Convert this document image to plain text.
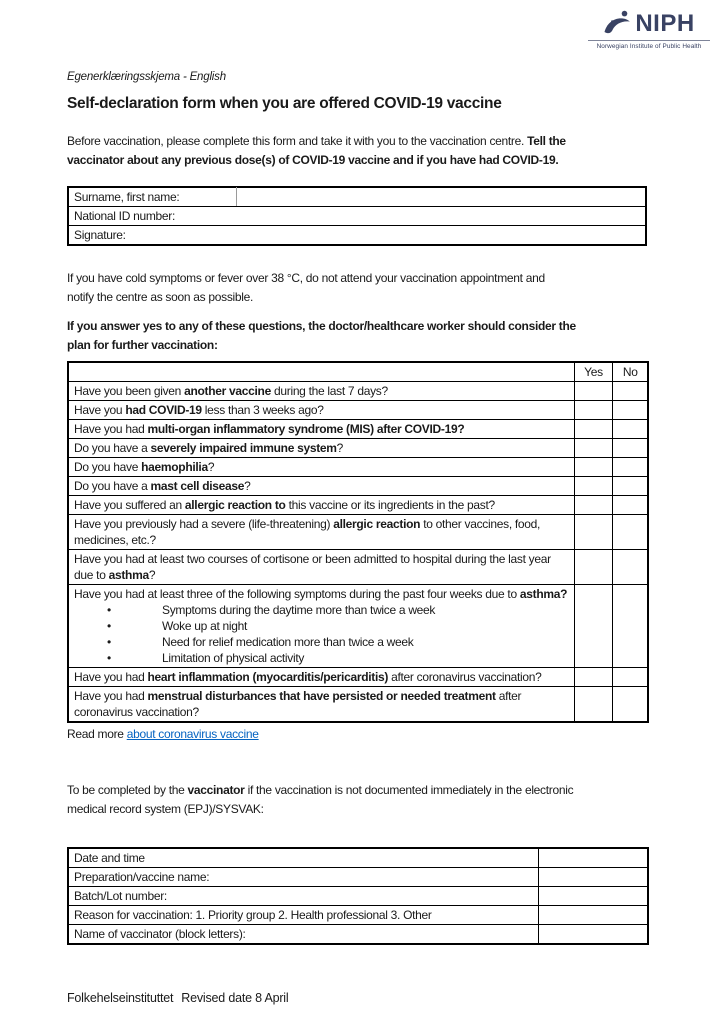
NIPH
Norwegian Institute of Public Health
Egenerklæringsskjema - English
Self-declaration form when you are offered COVID-19 vaccine

Before vaccination, please complete this form and take it with you to the vaccination centre. Tell the
vaccinator about any previous dose(s) of COVID-19 vaccine and if you have had COVID-19.

Surname, first name:
National ID number:
Signature:

If you have cold symptoms or fever over 38 °C, do not attend your vaccination appointment and
notify the centre as soon as possible.

If you answer yes to any of these questions, the doctor/healthcare worker should consider the
plan for further vaccination:

	Yes	No
Have you been given another vaccine during the last 7 days?		
Have you had COVID-19 less than 3 weeks ago?		
Have you had multi-organ inflammatory syndrome (MIS) after COVID-19?		
Do you have a severely impaired immune system?		
Do you have haemophilia?		
Do you have a mast cell disease?		
Have you suffered an allergic reaction to this vaccine or its ingredients in the past?		
Have you previously had a severe (life-threatening) allergic reaction to other vaccines, food, medicines, etc.?		
Have you had at least two courses of cortisone or been admitted to hospital during the last year due to asthma?		
Have you had at least three of the following symptoms during the past four weeks due to asthma?
• Symptoms during the daytime more than twice a week
• Woke up at night
• Need for relief medication more than twice a week
• Limitation of physical activity

Have you had heart inflammation (myocarditis/pericarditis) after coronavirus vaccination?		
Have you had menstrual disturbances that have persisted or needed treatment after coronavirus vaccination?		

Read more about coronavirus vaccine

To be completed by the vaccinator if the vaccination is not documented immediately in the electronic
medical record system (EPJ)/SYSVAK:

Date and time	
Preparation/vaccine name:	
Batch/Lot number:	
Reason for vaccination: 1. Priority group 2. Health professional 3. Other	
Name of vaccinator (block letters):	
Folkehelseinstituttet Revised date 8 April
